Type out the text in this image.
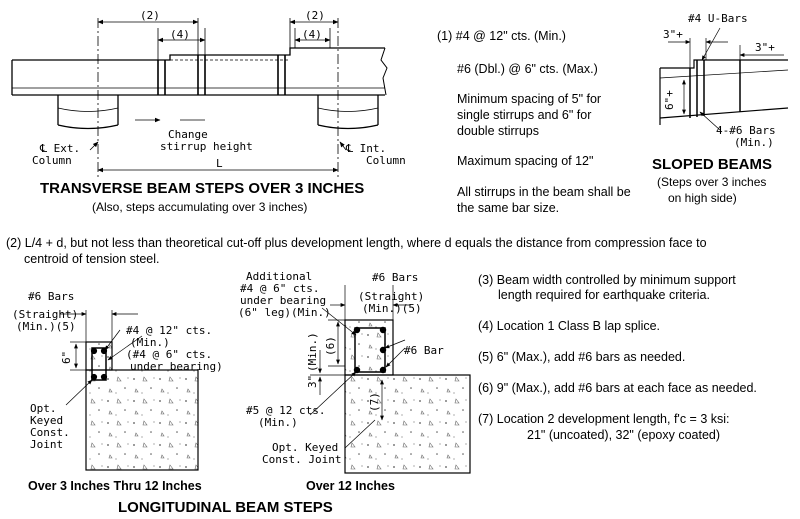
(2)
(4)
(2)
(4)
Change
stirrup height
℄ Ext.
Column
℄ Int.
Column
L
TRANSVERSE BEAM STEPS OVER 3 INCHES
(Also, steps accumulating over 3 inches)
(1) #4 @ 12" cts. (Min.)
#6 (Dbl.) @ 6" cts. (Max.)
Minimum spacing of 5" for
single stirrups and 6" for
double stirrups
Maximum spacing of 12"
All stirrups in the beam shall be
the same bar size.
#4 U-Bars
3"+
3"+
6"+
4-#6 Bars
(Min.)
SLOPED BEAMS
(Steps over 3 inches
on high side)
(2) L/4 + d, but not less than theoretical cut-off plus development length, where d equals the distance from compression face to
centroid of tension steel.
#6 Bars
(Straight)
(Min.)(5)	#4 @ 12" cts.
(Min.)
(#4 @ 6" cts.
under bearing)
6"
Opt.
Keyed
Const.
Joint
Over 3 Inches Thru 12 Inches
Additional
#4 @ 6" cts.
under bearing
(6" leg)(Min.)
#6 Bars
(Straight)
(Min.)(5)
(6)	#6 Bar
(Min.)
3"
(7)
#5 @ 12 cts.
(Min.)
Opt. Keyed
Const. Joint
Over 12 Inches
(3) Beam width controlled by minimum support
length required for earthquake criteria.
(4) Location 1 Class B lap splice.
(5) 6" (Max.), add #6 bars as needed.
(6) 9" (Max.), add #6 bars at each face as needed.
(7) Location 2 development length, f'c = 3 ksi:
21" (uncoated), 32" (epoxy coated)
LONGITUDINAL BEAM STEPS
